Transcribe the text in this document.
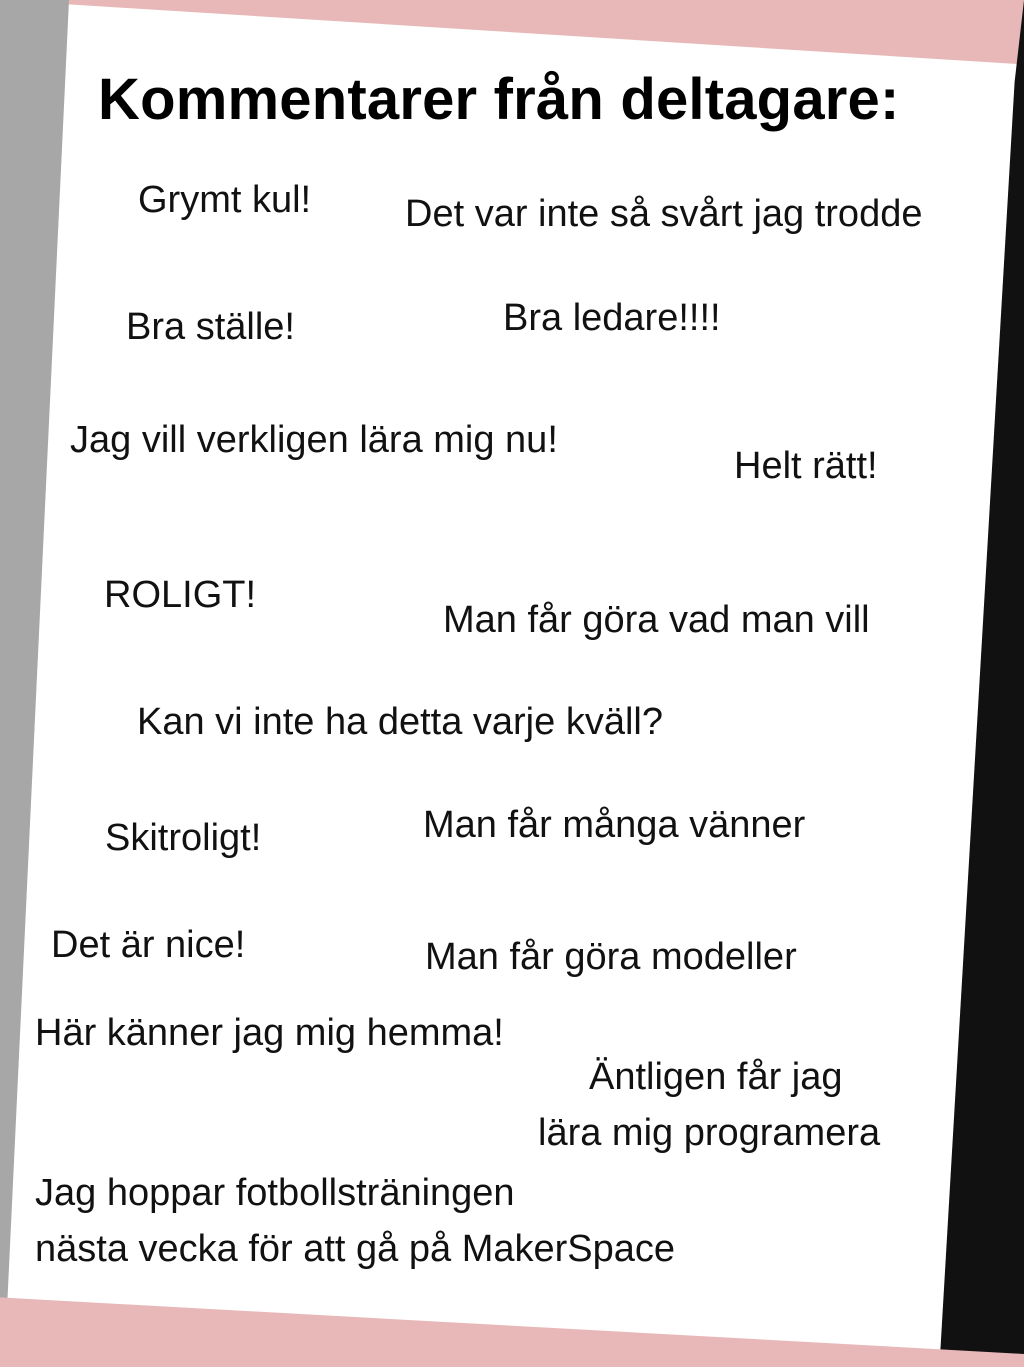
Kommentarer från deltagare:
Grymt kul! Det var inte så svårt jag trodde
Bra ställe!	Bra ledare!!!!
Jag vill verkligen lära mig nu!
Helt rätt!
ROLIGT!
Man får göra vad man vill
Kan vi inte ha detta varje kväll?
Skitroligt!	Man får många vänner
Det är nice!	Man får göra modeller
Här känner jag mig hemma!
Äntligen får jag
lära mig programera
Jag hoppar fotbollsträningen
nästa vecka för att gå på MakerSpace
